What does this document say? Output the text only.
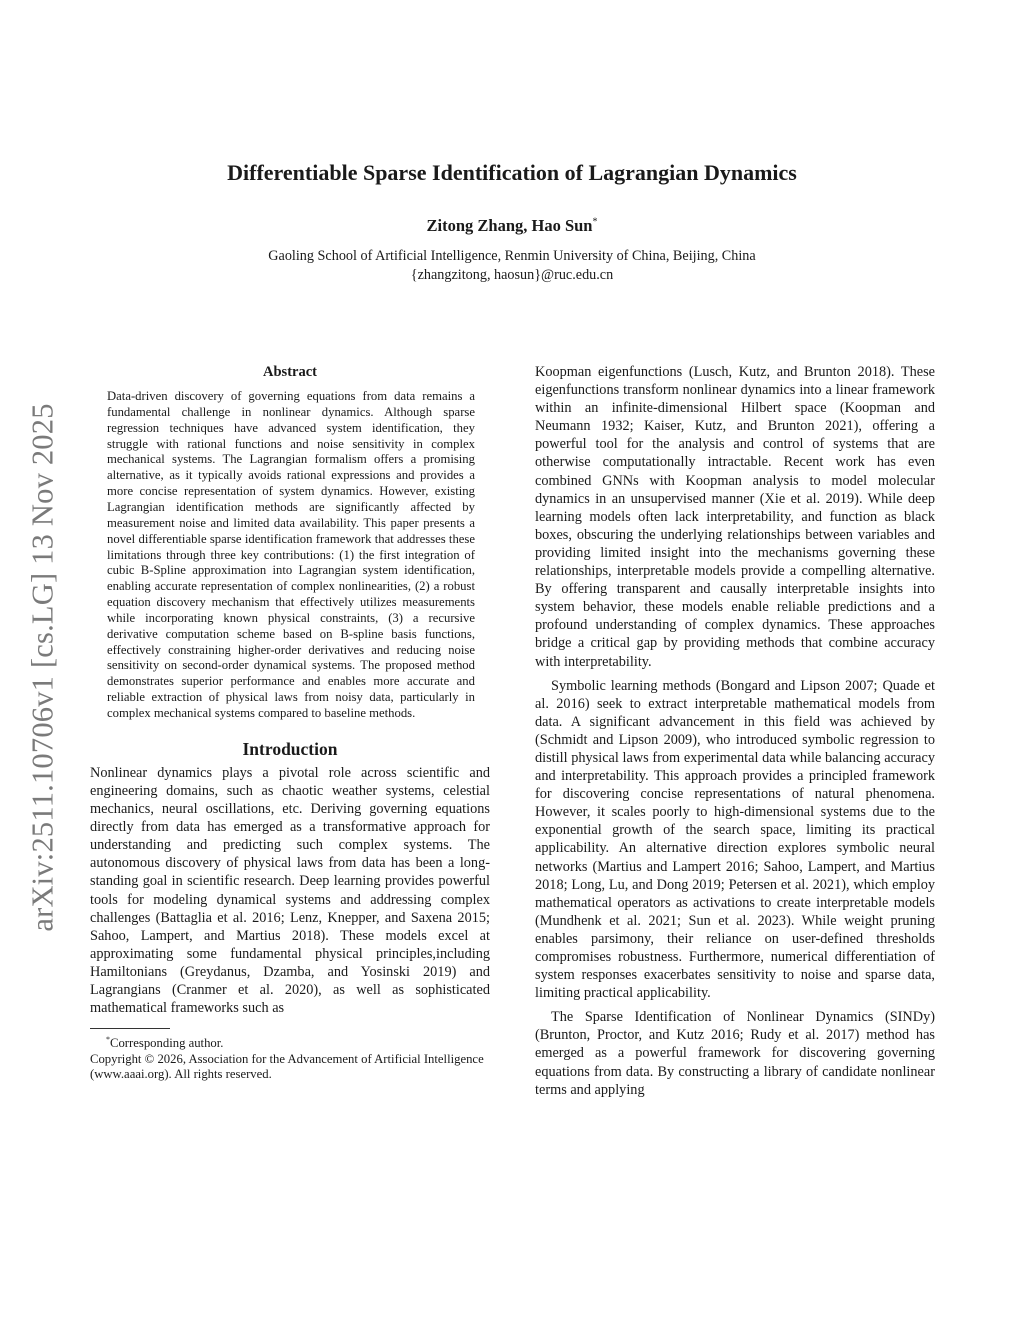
arXiv:2511.10706v1 [cs.LG] 13 Nov 2025
Differentiable Sparse Identification of Lagrangian Dynamics
Zitong Zhang, Hao Sun*
Gaoling School of Artificial Intelligence, Renmin University of China, Beijing, China
{zhangzitong, haosun}@ruc.edu.cn
Abstract

Data-driven discovery of governing equations from data remains a fundamental challenge in nonlinear dynamics. Although sparse regression techniques have advanced system identification, they struggle with rational functions and noise sensitivity in complex mechanical systems. The Lagrangian formalism offers a promising alternative, as it typically avoids rational expressions and provides a more concise representation of system dynamics. However, existing Lagrangian identification methods are significantly affected by measurement noise and limited data availability. This paper presents a novel differentiable sparse identification framework that addresses these limitations through three key contributions: (1) the first integration of cubic B-Spline approximation into Lagrangian system identification, enabling accurate representation of complex nonlinearities, (2) a robust equation discovery mechanism that effectively utilizes measurements while incorporating known physical constraints, (3) a recursive derivative computation scheme based on B-spline basis functions, effectively constraining higher-order derivatives and reducing noise sensitivity on second-order dynamical systems. The proposed method demonstrates superior performance and enables more accurate and reliable extraction of physical laws from noisy data, particularly in complex mechanical systems compared to baseline methods.

Introduction

Nonlinear dynamics plays a pivotal role across scientific and engineering domains, such as chaotic weather systems, celestial mechanics, neural oscillations, etc. Deriving governing equations directly from data has emerged as a transformative approach for understanding and predicting such complex systems. The autonomous discovery of physical laws from data has been a long-standing goal in scientific research. Deep learning provides powerful tools for modeling dynamical systems and addressing complex challenges (Battaglia et al. 2016; Lenz, Knepper, and Saxena 2015; Sahoo, Lampert, and Martius 2018). These models excel at approximating some fundamental physical principles,including Hamiltonians (Greydanus, Dzamba, and Yosinski 2019) and Lagrangians (Cranmer et al. 2020), as well as sophisticated mathematical frameworks such as

*Corresponding author.
Copyright © 2026, Association for the Advancement of Artificial Intelligence (www.aaai.org). All rights reserved.

Koopman eigenfunctions (Lusch, Kutz, and Brunton 2018). These eigenfunctions transform nonlinear dynamics into a linear framework within an infinite-dimensional Hilbert space (Koopman and Neumann 1932; Kaiser, Kutz, and Brunton 2021), offering a powerful tool for the analysis and control of systems that are otherwise computationally intractable. Recent work has even combined GNNs with Koopman analysis to model molecular dynamics in an unsupervised manner (Xie et al. 2019). While deep learning models often lack interpretability, and function as black boxes, obscuring the underlying relationships between variables and providing limited insight into the mechanisms governing these relationships, interpretable models provide a compelling alternative. By offering transparent and causally interpretable insights into system behavior, these models enable reliable predictions and a profound understanding of complex dynamics. These approaches bridge a critical gap by providing methods that combine accuracy with interpretability.

Symbolic learning methods (Bongard and Lipson 2007; Quade et al. 2016) seek to extract interpretable mathematical models from data. A significant advancement in this field was achieved by (Schmidt and Lipson 2009), who introduced symbolic regression to distill physical laws from experimental data while balancing accuracy and interpretability. This approach provides a principled framework for discovering concise representations of natural phenomena. However, it scales poorly to high-dimensional systems due to the exponential growth of the search space, limiting its practical applicability. An alternative direction explores symbolic neural networks (Martius and Lampert 2016; Sahoo, Lampert, and Martius 2018; Long, Lu, and Dong 2019; Petersen et al. 2021), which employ mathematical operators as activations to create interpretable models (Mundhenk et al. 2021; Sun et al. 2023). While weight pruning enables parsimony, their reliance on user-defined thresholds compromises robustness. Furthermore, numerical differentiation of system responses exacerbates sensitivity to noise and sparse data, limiting practical applicability.

The Sparse Identification of Nonlinear Dynamics (SINDy) (Brunton, Proctor, and Kutz 2016; Rudy et al. 2017) method has emerged as a powerful framework for discovering governing equations from data. By constructing a library of candidate nonlinear terms and applying
